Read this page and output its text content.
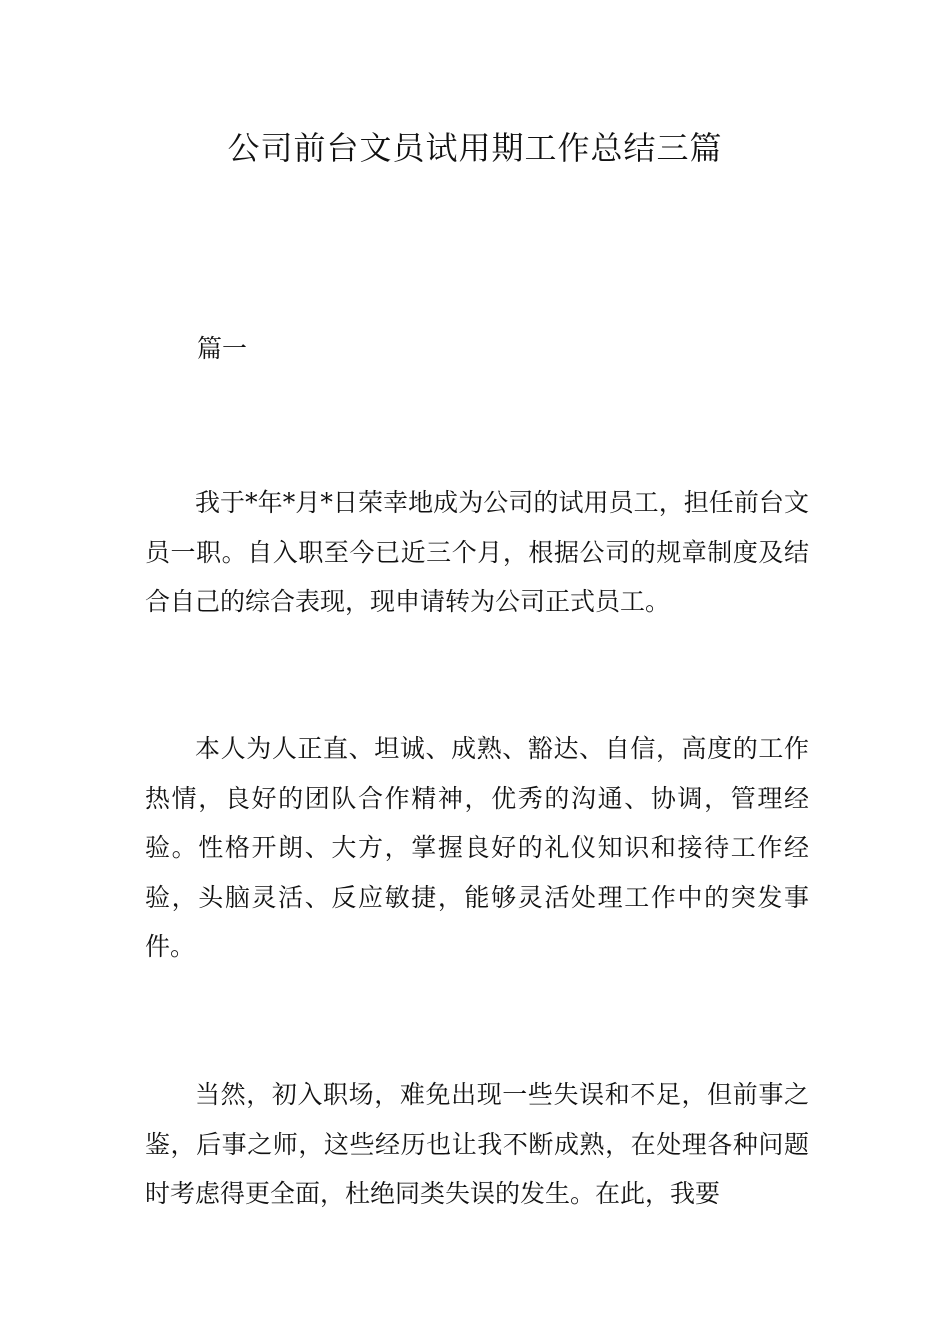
公司前台文员试用期工作总结三篇

篇一

我于*年*月*日荣幸地成为公司的试用员工，担任前台文员一职。自入职至今已近三个月，根据公司的规章制度及结合自己的综合表现，现申请转为公司正式员工。

本人为人正直、坦诚、成熟、豁达、自信，高度的工作热情，良好的团队合作精神，优秀的沟通、协调，管理经验。性格开朗、大方，掌握良好的礼仪知识和接待工作经验，头脑灵活、反应敏捷，能够灵活处理工作中的突发事件。

当然，初入职场，难免出现一些失误和不足，但前事之鉴，后事之师，这些经历也让我不断成熟，在处理各种问题时考虑得更全面，杜绝同类失误的发生。在此，我要
